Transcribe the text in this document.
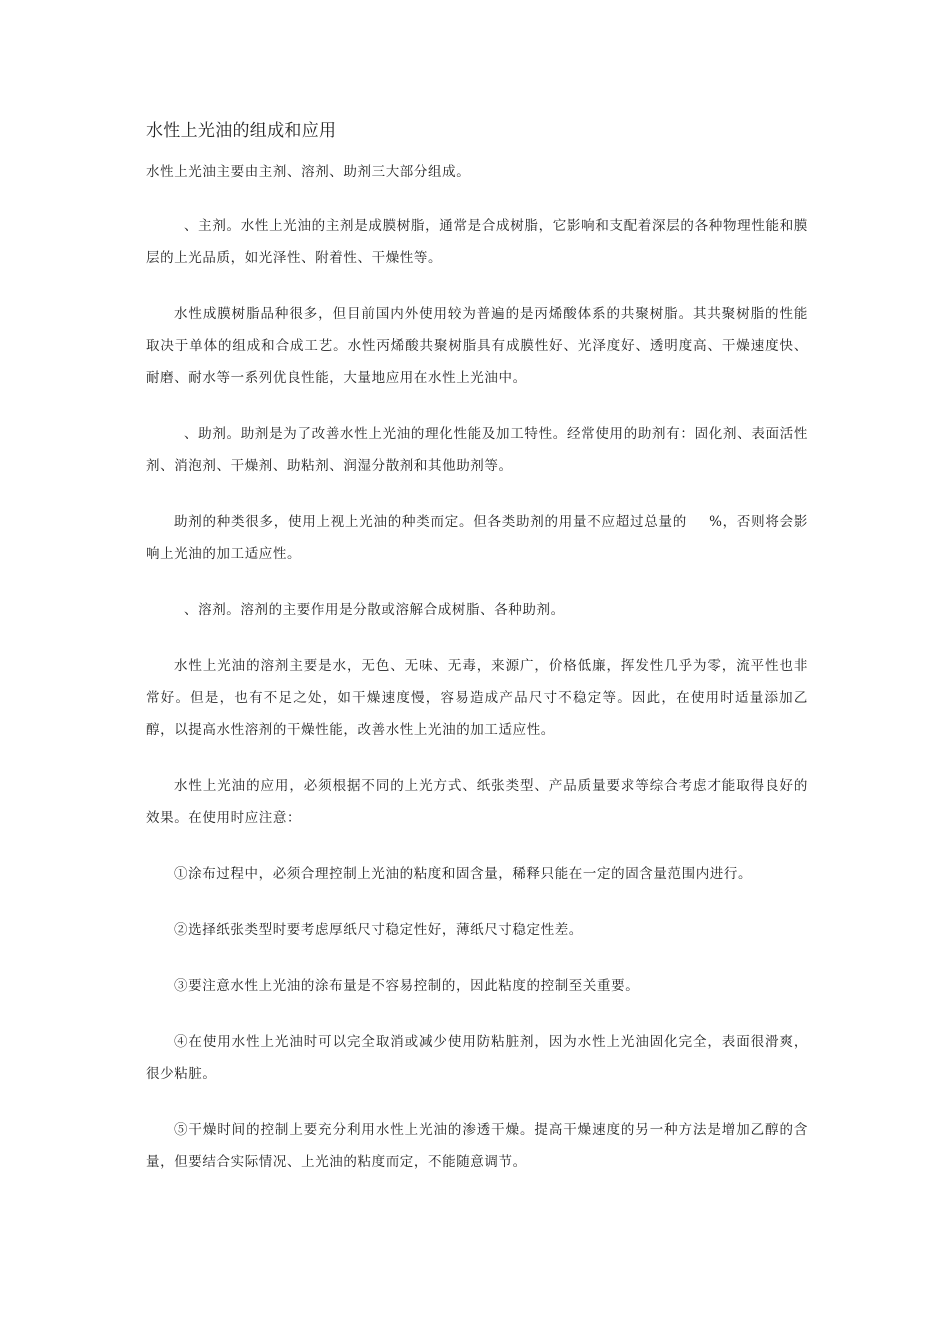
水性上光油的组成和应用

水性上光油主要由主剂、溶剂、助剂三大部分组成。

、主剂。水性上光油的主剂是成膜树脂，通常是合成树脂，它影响和支配着深层的各种物理性能和膜层的上光品质，如光泽性、附着性、干燥性等。

水性成膜树脂品种很多，但目前国内外使用较为普遍的是丙烯酸体系的共聚树脂。其共聚树脂的性能取决于单体的组成和合成工艺。水性丙烯酸共聚树脂具有成膜性好、光泽度好、透明度高、干燥速度快、耐磨、耐水等一系列优良性能，大量地应用在水性上光油中。

、助剂。助剂是为了改善水性上光油的理化性能及加工特性。经常使用的助剂有：固化剂、表面活性剂、消泡剂、干燥剂、助粘剂、润湿分散剂和其他助剂等。

助剂的种类很多，使用上视上光油的种类而定。但各类助剂的用量不应超过总量的 %，否则将会影响上光油的加工适应性。

、溶剂。溶剂的主要作用是分散或溶解合成树脂、各种助剂。

水性上光油的溶剂主要是水，无色、无味、无毒，来源广，价格低廉，挥发性几乎为零，流平性也非常好。但是，也有不足之处，如干燥速度慢，容易造成产品尺寸不稳定等。因此，在使用时适量添加乙醇，以提高水性溶剂的干燥性能，改善水性上光油的加工适应性。

水性上光油的应用，必须根据不同的上光方式、纸张类型、产品质量要求等综合考虑才能取得良好的效果。在使用时应注意：

①涂布过程中，必须合理控制上光油的粘度和固含量，稀释只能在一定的固含量范围内进行。

②选择纸张类型时要考虑厚纸尺寸稳定性好，薄纸尺寸稳定性差。

③要注意水性上光油的涂布量是不容易控制的，因此粘度的控制至关重要。

④在使用水性上光油时可以完全取消或减少使用防粘脏剂，因为水性上光油固化完全，表面很滑爽，很少粘脏。

⑤干燥时间的控制上要充分利用水性上光油的渗透干燥。提高干燥速度的另一种方法是增加乙醇的含量，但要结合实际情况、上光油的粘度而定，不能随意调节。
